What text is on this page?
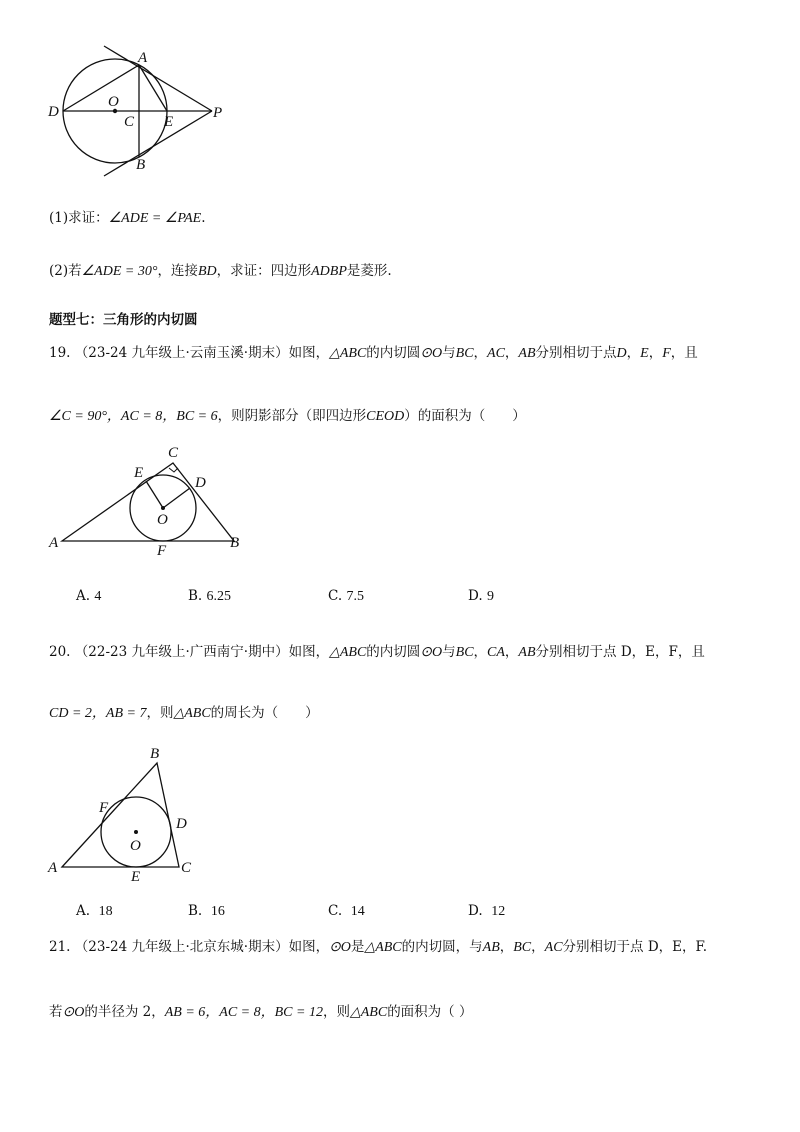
A
D
O
C E
P
B
(1)求证：∠ADE = ∠PAE.
(2)若∠ADE = 30°，连接BD，求证：四边形ADBP是菱形.
题型七：三角形的内切圆
19. （23-24 九年级上·云南玉溪·期末）如图，△ABC的内切圆⊙O与BC，AC，AB分别相切于点D，E，F，且
∠C = 90°，AC = 8，BC = 6，则阴影部分（即四边形CEOD）的面积为（　　）
C
E
D
O
A	F	B
A. 4	B. 6.25	C. 7.5	D. 9
20. （22-23 九年级上·广西南宁·期中）如图，△ABC的内切圆⊙O与BC，CA，AB分别相切于点 D，E，F，且
CD = 2，AB = 7，则△ABC的周长为（　　）
B
F
D
O
A	C
E
A. 18	B. 16	C. 14	D. 12
21. （23-24 九年级上·北京东城·期末）如图，⊙O是△ABC的内切圆，与AB，BC，AC分别相切于点 D，E，F.
若⊙O的半径为 2，AB = 6，AC = 8，BC = 12，则△ABC的面积为（ ）
